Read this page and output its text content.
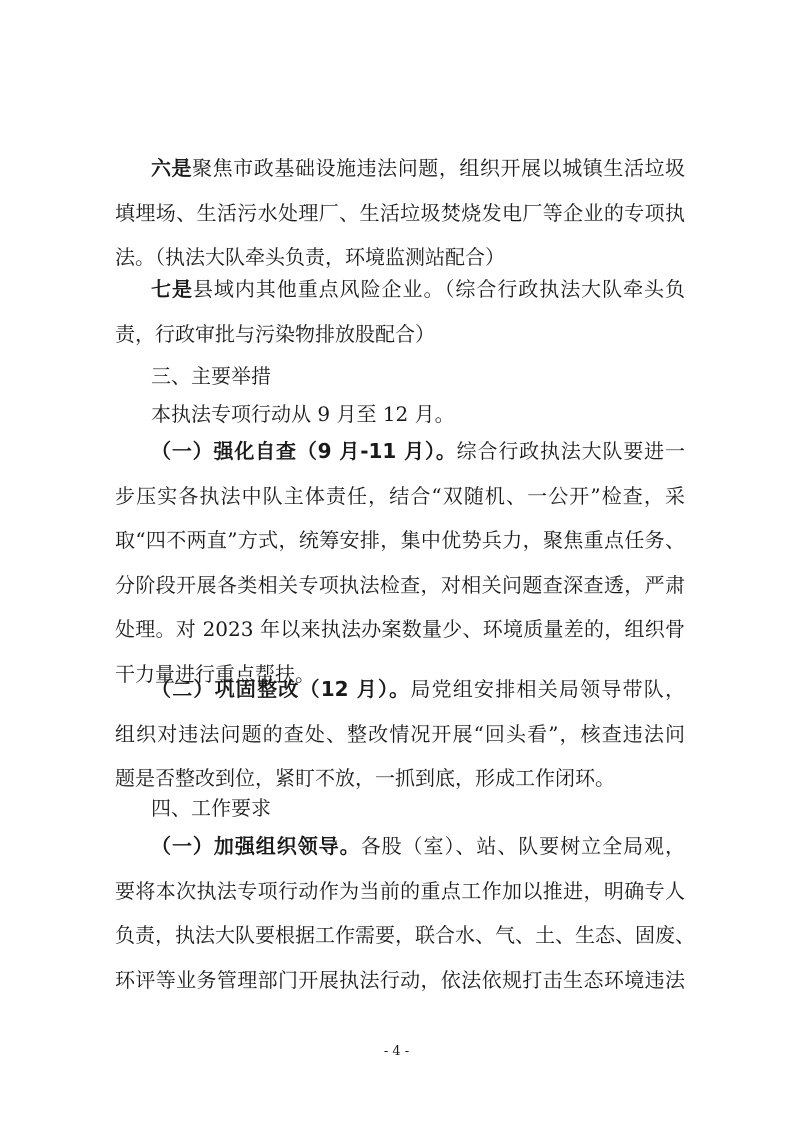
六是聚焦市政基础设施违法问题，组织开展以城镇生活垃圾
填埋场、生活污水处理厂、生活垃圾焚烧发电厂等企业的专项执
法。（执法大队牵头负责，环境监测站配合）
七是县域内其他重点风险企业。（综合行政执法大队牵头负
责，行政审批与污染物排放股配合）
三、主要举措
本执法专项行动从 9 月至 12 月。
（一）强化自查（9 月-11 月）。综合行政执法大队要进一
步压实各执法中队主体责任，结合“双随机、一公开”检查，采
取“四不两直”方式，统筹安排，集中优势兵力，聚焦重点任务、
分阶段开展各类相关专项执法检查，对相关问题查深查透，严肃
处理。对 2023 年以来执法办案数量少、环境质量差的，组织骨
干力量进行重点帮扶。
（二）巩固整改（12 月）。局党组安排相关局领导带队，
组织对违法问题的查处、整改情况开展“回头看”，核查违法问
题是否整改到位，紧盯不放，一抓到底，形成工作闭环。
四、工作要求
（一）加强组织领导。各股（室）、站、队要树立全局观，
要将本次执法专项行动作为当前的重点工作加以推进，明确专人
负责，执法大队要根据工作需要，联合水、气、土、生态、固废、
环评等业务管理部门开展执法行动，依法依规打击生态环境违法
- 4 -
